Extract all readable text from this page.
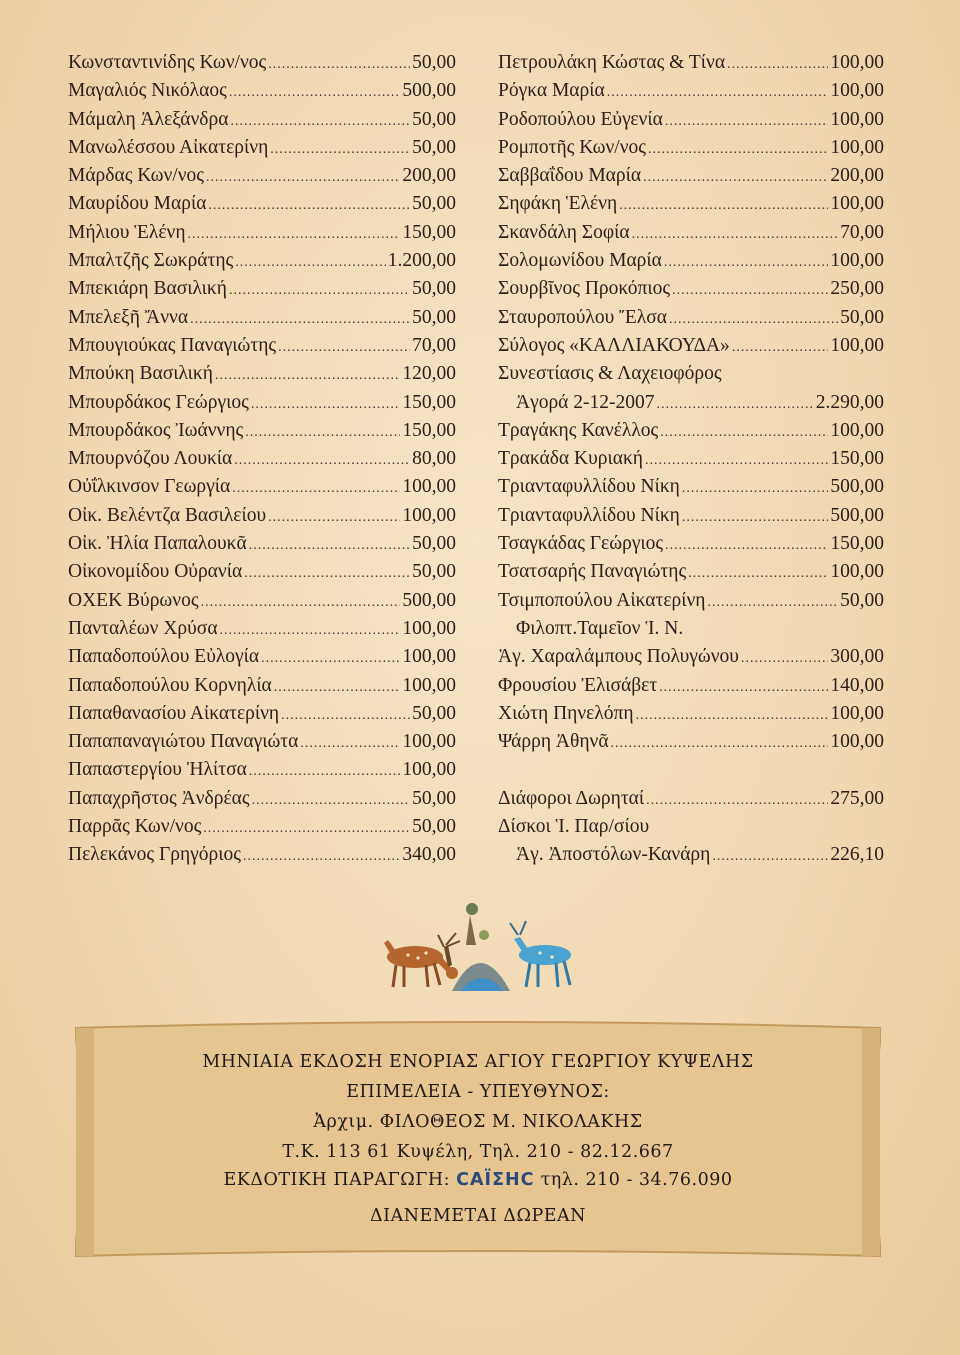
Κωνσταντινίδης Κων/νος .....	50,00
Μαγαλιός Νικόλαος .....	500,00
Μάμαλη Ἀλεξάνδρα .....	50,00
Μανωλέσσου Αἰκατερίνη .....	50,00
Μάρδας Κων/νος .....	200,00
Μαυρίδου Μαρία .....	50,00
Μήλιου Ἑλένη .....	150,00
Μπαλτζῆς Σωκράτης .....	1.200,00
Μπεκιάρη Βασιλική .....	50,00
Μπελεξῆ Ἄννα .....	50,00
Μπουγιούκας Παναγιώτης .....	70,00
Μπούκη Βασιλική .....	120,00
Μπουρδάκος Γεώργιος .....	150,00
Μπουρδάκος Ἰωάννης .....	150,00
Μπουρνόζου Λουκία .....	80,00
Οὐΐλκινσον Γεωργία .....	100,00
Οἰκ. Βελέντζα Βασιλείου .....	100,00
Οἰκ. Ἠλία Παπαλουκᾶ .....	50,00
Οἰκονομίδου Οὐρανία .....	50,00
ΟΧΕΚ Βύρωνος .....	500,00
Πανταλέων Χρύσα .....	100,00
Παπαδοπούλου Εὐλογία .....	100,00
Παπαδοπούλου Κορνηλία .....	100,00
Παπαθανασίου Αἰκατερίνη .....	50,00
Παπαπαναγιώτου Παναγιώτα .....	100,00
Παπαστεργίου Ἠλίτσα .....	100,00
Παπαχρῆστος Ἀνδρέας .....	50,00
Παρρᾶς Κων/νος .....	50,00
Πελεκάνος Γρηγόριος .....	340,00
Πετρουλάκη Κώστας & Τίνα .....	100,00
Ρόγκα Μαρία .....	100,00
Ροδοπούλου Εὐγενία .....	100,00
Ρομποτῆς Κων/νος .....	100,00
Σαββαΐδου Μαρία .....	200,00
Σηφάκη Ἑλένη .....	100,00
Σκανδάλη Σοφία .....	70,00
Σολομωνίδου Μαρία .....	100,00
Σουρβῖνος Προκόπιος .....	250,00
Σταυροπούλου Ἔλσα .....	50,00
Σύλογος «ΚΑΛΛΙΑΚΟΥΔΑ» .....	100,00
Συνεστίασις & Λαχειοφόρος
Ἀγορά 2-12-2007 .....	2.290,00
Τραγάκης Κανέλλος .....	100,00
Τρακάδα Κυριακή .....	150,00
Τριανταφυλλίδου Νίκη .....	500,00
Τριανταφυλλίδου Νίκη .....	500,00
Τσαγκάδας Γεώργιος .....	150,00
Τσατσαρής Παναγιώτης .....	100,00
Τσιμποπούλου Αἰκατερίνη .....	50,00
Φιλοπτ.Ταμεῖον Ἱ. Ν.
Ἁγ. Χαραλάμπους Πολυγώνου .....	300,00
Φρουσίου Ἐλισάβετ .....	140,00
Χιώτη Πηνελόπη .....	100,00
Ψάρρη Ἀθηνᾶ .....	100,00
Διάφοροι Δωρηταί .....	275,00
Δίσκοι Ἱ. Παρ/σίου
Ἁγ. Ἀποστόλων-Κανάρη .....	226,10
ΜΗΝΙΑΙΑ ΕΚΔΟΣΗ ΕΝΟΡΙΑΣ ΑΓΙΟΥ ΓΕΩΡΓΙΟΥ ΚΥΨΕΛΗΣ
ΕΠΙΜΕΛΕΙΑ - ΥΠΕΥΘΥΝΟΣ:
Ἀρχιμ. ΦΙΛΟΘΕΟΣ Μ. ΝΙΚΟΛΑΚΗΣ
Τ.Κ. 113 61 Κυψέλη, Τηλ. 210 - 82.12.667
ΕΚΔΟΤΙΚΗ ΠΑΡΑΓΩΓΗ: CAÏΣΗC τηλ. 210 - 34.76.090
ΔΙΑΝΕΜΕΤΑΙ ΔΩΡΕΑΝ
